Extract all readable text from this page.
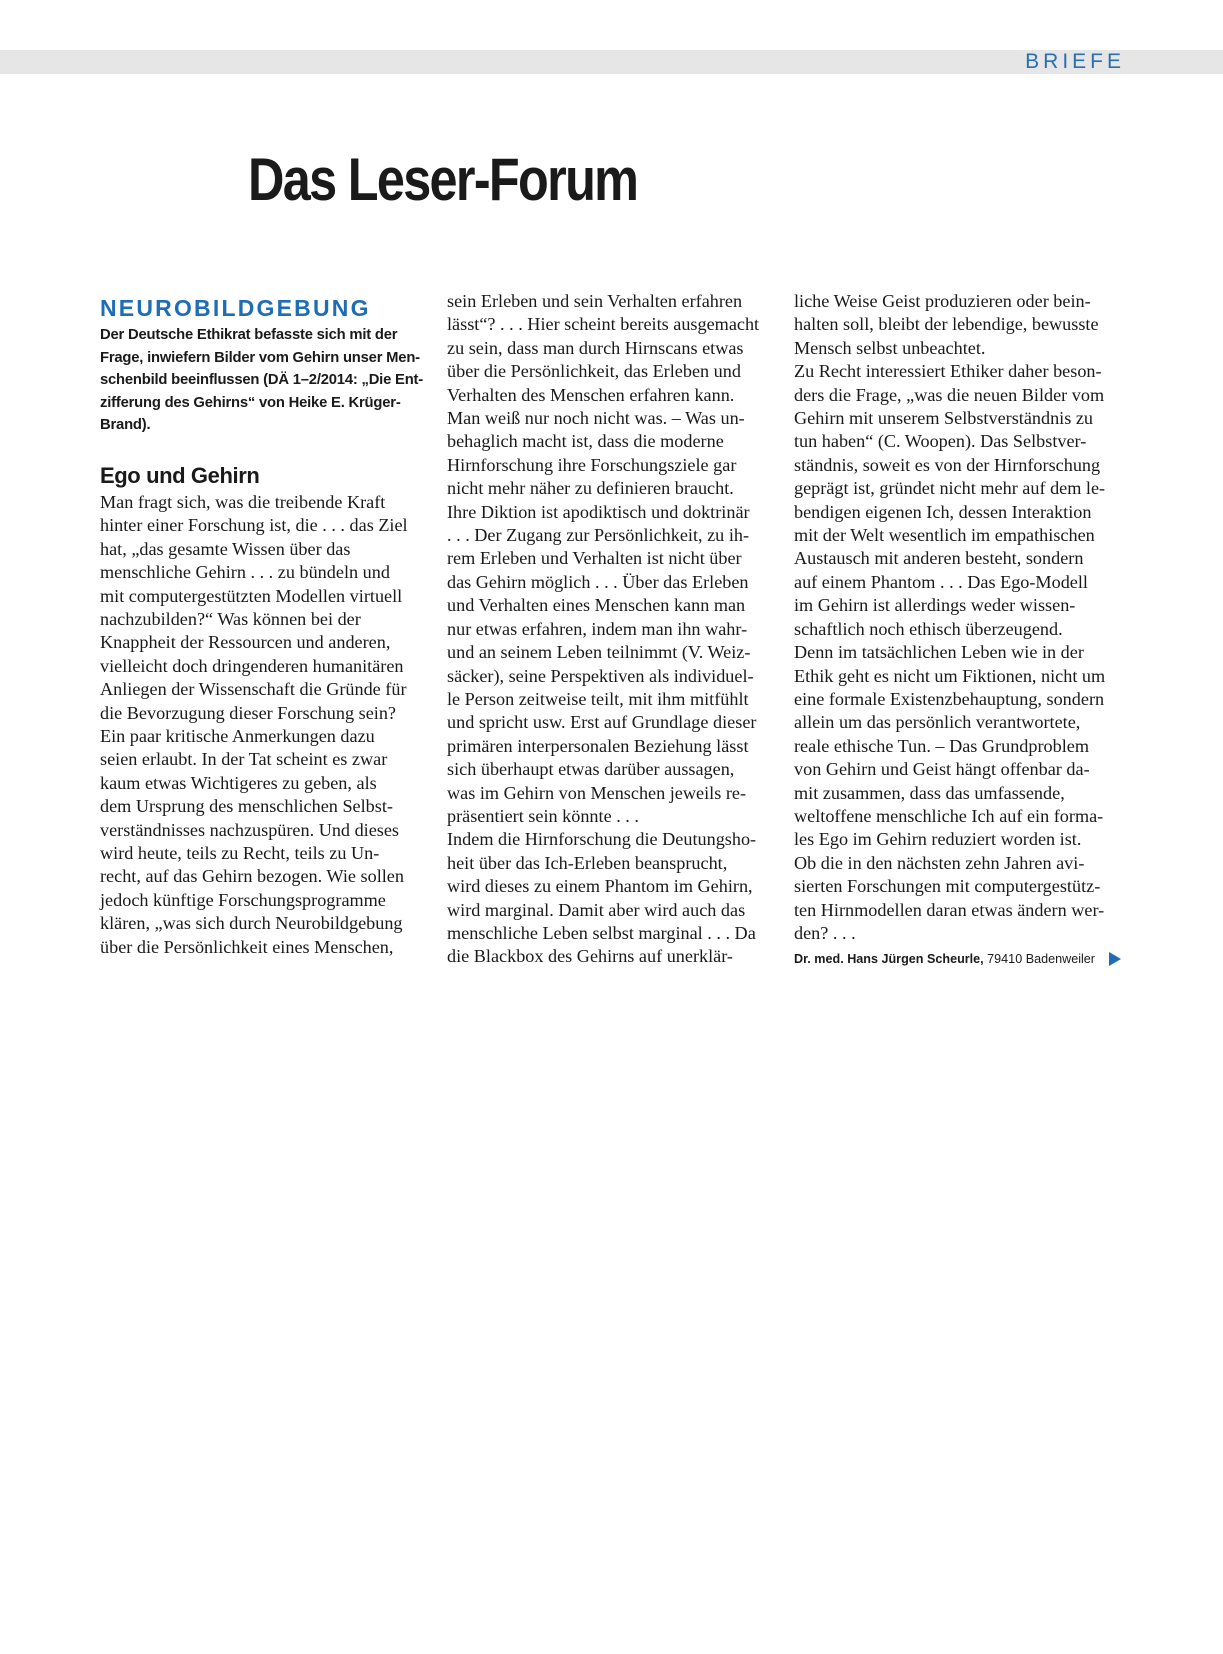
BRIEFE
Das Leser-Forum
NEUROBILDGEBUNG
Der Deutsche Ethikrat befasste sich mit der
Frage, inwiefern Bilder vom Gehirn unser Men-
schenbild beeinflussen (DÄ 1–2/2014: „Die Ent-
zifferung des Gehirns“ von Heike E. Krüger-
Brand).
Ego und Gehirn
Man fragt sich, was die treibende Kraft
hinter einer Forschung ist, die . . . das Ziel
hat, „das gesamte Wissen über das
menschliche Gehirn . . . zu bündeln und
mit computergestützten Modellen virtuell
nachzubilden?“ Was können bei der
Knappheit der Ressourcen und anderen,
vielleicht doch dringenderen humanitären
Anliegen der Wissenschaft die Gründe für
die Bevorzugung dieser Forschung sein?
Ein paar kritische Anmerkungen dazu
seien erlaubt. In der Tat scheint es zwar
kaum etwas Wichtigeres zu geben, als
dem Ursprung des menschlichen Selbst-
verständnisses nachzuspüren. Und dieses
wird heute, teils zu Recht, teils zu Un-
recht, auf das Gehirn bezogen. Wie sollen
jedoch künftige Forschungsprogramme
klären, „was sich durch Neurobildgebung
über die Persönlichkeit eines Menschen,
sein Erleben und sein Verhalten erfahren
lässt“? . . . Hier scheint bereits ausgemacht
zu sein, dass man durch Hirnscans etwas
über die Persönlichkeit, das Erleben und
Verhalten des Menschen erfahren kann.
Man weiß nur noch nicht was. – Was un-
behaglich macht ist, dass die moderne
Hirnforschung ihre Forschungsziele gar
nicht mehr näher zu definieren braucht.
Ihre Diktion ist apodiktisch und doktrinär
. . . Der Zugang zur Persönlichkeit, zu ih-
rem Erleben und Verhalten ist nicht über
das Gehirn möglich . . . Über das Erleben
und Verhalten eines Menschen kann man
nur etwas erfahren, indem man ihn wahr-
und an seinem Leben teilnimmt (V. Weiz-
säcker), seine Perspektiven als individuel-
le Person zeitweise teilt, mit ihm mitfühlt
und spricht usw. Erst auf Grundlage dieser
primären interpersonalen Beziehung lässt
sich überhaupt etwas darüber aussagen,
was im Gehirn von Menschen jeweils re-
präsentiert sein könnte . . .
Indem die Hirnforschung die Deutungsho-
heit über das Ich-Erleben beansprucht,
wird dieses zu einem Phantom im Gehirn,
wird marginal. Damit aber wird auch das
menschliche Leben selbst marginal . . . Da
die Blackbox des Gehirns auf unerklär-
liche Weise Geist produzieren oder bein-
halten soll, bleibt der lebendige, bewusste
Mensch selbst unbeachtet.
Zu Recht interessiert Ethiker daher beson-
ders die Frage, „was die neuen Bilder vom
Gehirn mit unserem Selbstverständnis zu
tun haben“ (C. Woopen). Das Selbstver-
ständnis, soweit es von der Hirnforschung
geprägt ist, gründet nicht mehr auf dem le-
bendigen eigenen Ich, dessen Interaktion
mit der Welt wesentlich im empathischen
Austausch mit anderen besteht, sondern
auf einem Phantom . . . Das Ego-Modell
im Gehirn ist allerdings weder wissen-
schaftlich noch ethisch überzeugend.
Denn im tatsächlichen Leben wie in der
Ethik geht es nicht um Fiktionen, nicht um
eine formale Existenzbehauptung, sondern
allein um das persönlich verantwortete,
reale ethische Tun. – Das Grundproblem
von Gehirn und Geist hängt offenbar da-
mit zusammen, dass das umfassende,
weltoffene menschliche Ich auf ein forma-
les Ego im Gehirn reduziert worden ist.
Ob die in den nächsten zehn Jahren avi-
sierten Forschungen mit computergestütz-
ten Hirnmodellen daran etwas ändern wer-
den? . . .
Dr. med. Hans Jürgen Scheurle, 79410 Badenweiler
